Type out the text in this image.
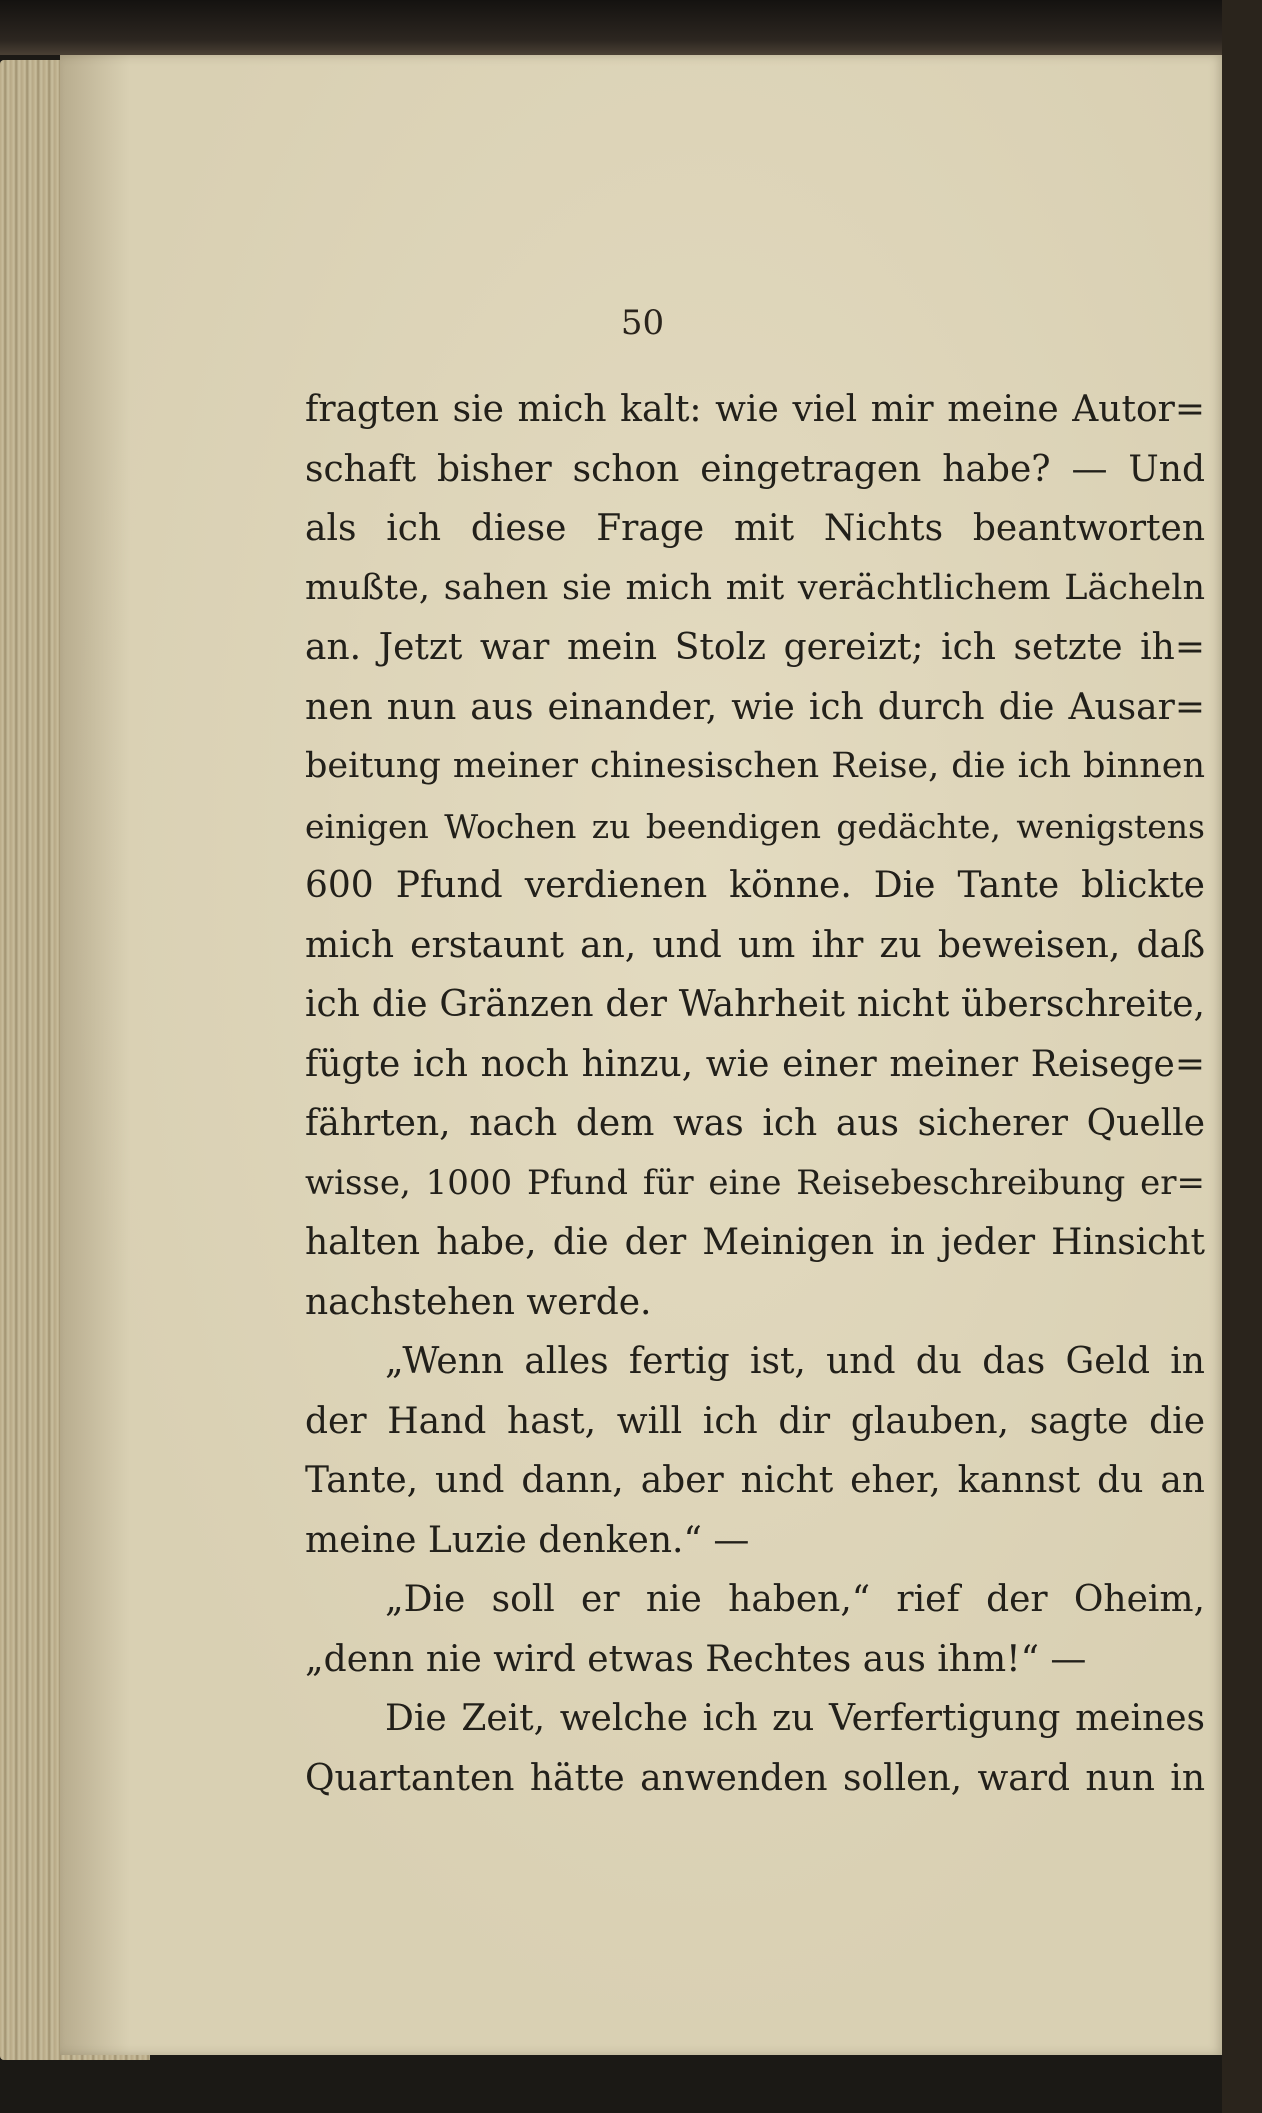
50
fragten sie mich kalt: wie viel mir meine Autor=
schaft bisher schon eingetragen habe? — Und
als ich diese Frage mit Nichts beantworten
mußte, sahen sie mich mit verächtlichem Lächeln
an. Jetzt war mein Stolz gereizt; ich setzte ih=
nen nun aus einander, wie ich durch die Ausar=
beitung meiner chinesischen Reise, die ich binnen
einigen Wochen zu beendigen gedächte, wenigstens
600 Pfund verdienen könne. Die Tante blickte
mich erstaunt an, und um ihr zu beweisen, daß
ich die Gränzen der Wahrheit nicht überschreite,
fügte ich noch hinzu, wie einer meiner Reisege=
fährten, nach dem was ich aus sicherer Quelle
wisse, 1000 Pfund für eine Reisebeschreibung er=
halten habe, die der Meinigen in jeder Hinsicht
nachstehen werde.
„Wenn alles fertig ist, und du das Geld in
der Hand hast, will ich dir glauben, sagte die
Tante, und dann, aber nicht eher, kannst du an
meine Luzie denken.“ —
„Die soll er nie haben,“ rief der Oheim,
„denn nie wird etwas Rechtes aus ihm!“ —
Die Zeit, welche ich zu Verfertigung meines
Quartanten hätte anwenden sollen, ward nun in
